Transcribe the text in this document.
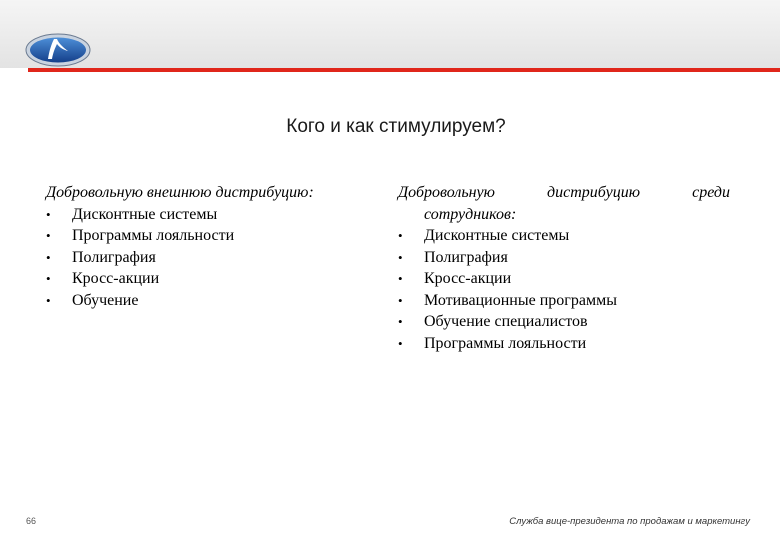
Кого и как стимулируем?
Добровольную внешнюю дистрибуцию:
•	Дисконтные системы
•	Программы лояльности
•	Полиграфия
•	Кросс-акции
•	Обучение
Добровольную	дистрибуцию	среди
сотрудников:
•	Дисконтные системы
•	Полиграфия
•	Кросс-акции
•	Мотивационные программы
•	Обучение специалистов
•	Программы лояльности
66	Служба вице-президента по продажам и маркетингу
